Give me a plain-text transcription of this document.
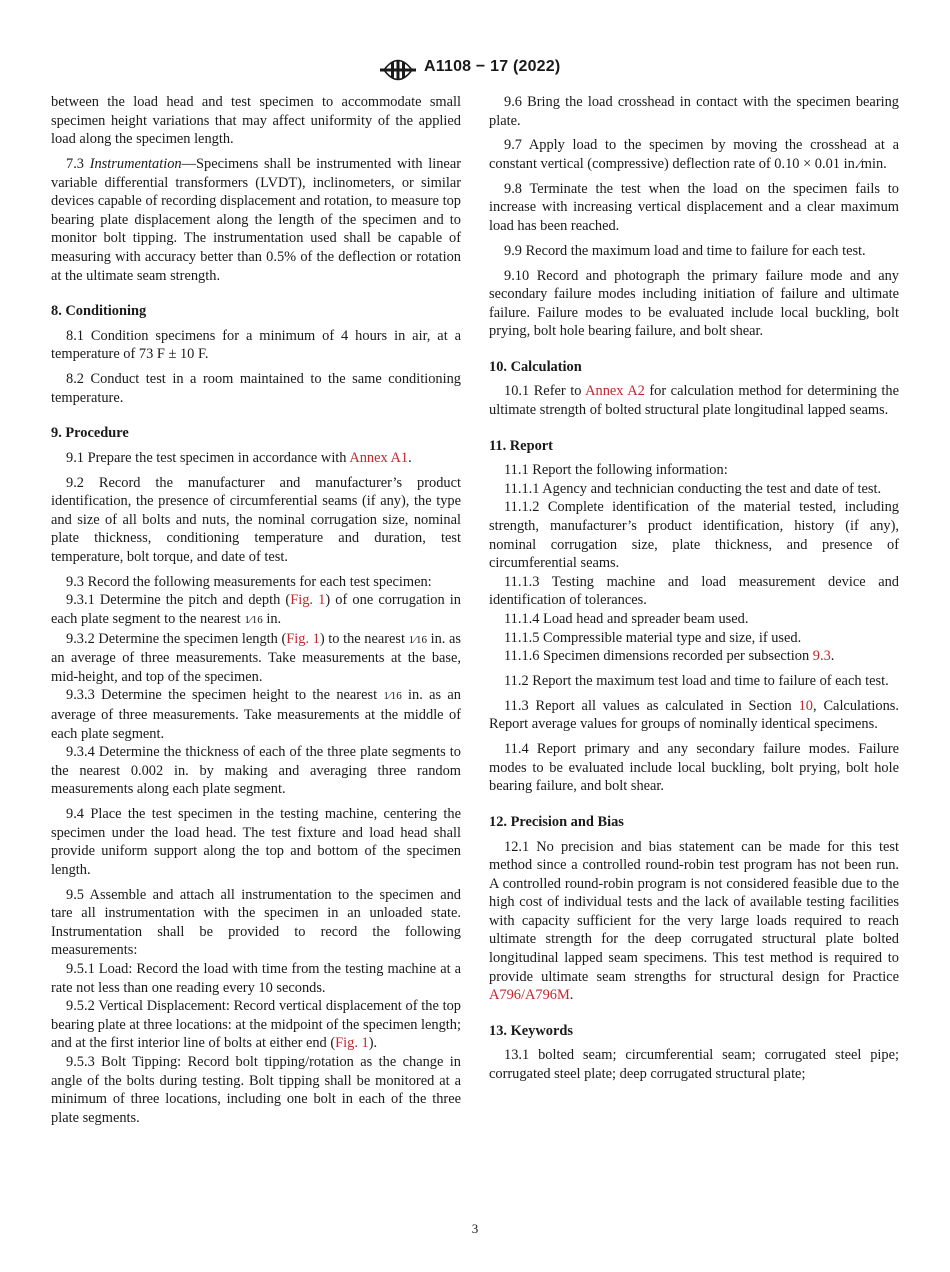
A1108 − 17 (2022)

between the load head and test specimen to accommodate small specimen height variations that may affect uniformity of the applied load along the specimen length.

7.3 Instrumentation—Specimens shall be instrumented with linear variable differential transformers (LVDT), inclinometers, or similar devices capable of recording displacement and rotation, to measure top bearing plate displacement along the length of the specimen and to monitor bolt tipping. The instrumentation used shall be capable of measuring with accuracy better than 0.5% of the deflection or rotation at the ultimate seam strength.

8. Conditioning

8.1 Condition specimens for a minimum of 4 hours in air, at a temperature of 73 F ± 10 F.

8.2 Conduct test in a room maintained to the same conditioning temperature.

9. Procedure

9.1 Prepare the test specimen in accordance with Annex A1.

9.2 Record the manufacturer and manufacturer’s product identification, the presence of circumferential seams (if any), the type and size of all bolts and nuts, the nominal corrugation size, nominal plate thickness, conditioning temperature and duration, test temperature, bolt torque, and date of test.

9.3 Record the following measurements for each test specimen:

9.3.1 Determine the pitch and depth (Fig. 1) of one corrugation in each plate segment to the nearest 1⁄16 in.

9.3.2 Determine the specimen length (Fig. 1) to the nearest 1⁄16 in. as an average of three measurements. Take measurements at the base, mid-height, and top of the specimen.

9.3.3 Determine the specimen height to the nearest 1⁄16 in. as an average of three measurements. Take measurements at the middle of each plate segment.

9.3.4 Determine the thickness of each of the three plate segments to the nearest 0.002 in. by making and averaging three random measurements along each plate segment.

9.4 Place the test specimen in the testing machine, centering the specimen under the load head. The test fixture and load head shall provide uniform support along the top and bottom of the specimen length.

9.5 Assemble and attach all instrumentation to the specimen and tare all instrumentation with the specimen in an unloaded state. Instrumentation shall be provided to record the following measurements:

9.5.1 Load: Record the load with time from the testing machine at a rate not less than one reading every 10 seconds.

9.5.2 Vertical Displacement: Record vertical displacement of the top bearing plate at three locations: at the midpoint of the specimen length; and at the first interior line of bolts at either end (Fig. 1).

9.5.3 Bolt Tipping: Record bolt tipping/rotation as the change in angle of the bolts during testing. Bolt tipping shall be monitored at a minimum of three locations, including one bolt in each of the three plate segments.

9.6 Bring the load crosshead in contact with the specimen bearing plate.

9.7 Apply load to the specimen by moving the crosshead at a constant vertical (compressive) deflection rate of 0.10 × 0.01 in.⁄min.

9.8 Terminate the test when the load on the specimen fails to increase with increasing vertical displacement and a clear maximum load has been reached.

9.9 Record the maximum load and time to failure for each test.

9.10 Record and photograph the primary failure mode and any secondary failure modes including initiation of failure and ultimate failure. Failure modes to be evaluated include local buckling, bolt prying, bolt hole bearing failure, and bolt shear.

10. Calculation

10.1 Refer to Annex A2 for calculation method for determining the ultimate strength of bolted structural plate longitudinal lapped seams.

11. Report

11.1 Report the following information:

11.1.1 Agency and technician conducting the test and date of test.

11.1.2 Complete identification of the material tested, including strength, manufacturer’s product identification, history (if any), nominal corrugation size, plate thickness, and presence of circumferential seams.

11.1.3 Testing machine and load measurement device and identification of tolerances.

11.1.4 Load head and spreader beam used.

11.1.5 Compressible material type and size, if used.

11.1.6 Specimen dimensions recorded per subsection 9.3.

11.2 Report the maximum test load and time to failure of each test.

11.3 Report all values as calculated in Section 10, Calculations. Report average values for groups of nominally identical specimens.

11.4 Report primary and any secondary failure modes. Failure modes to be evaluated include local buckling, bolt prying, bolt hole bearing failure, and bolt shear.

12. Precision and Bias

12.1 No precision and bias statement can be made for this test method since a controlled round-robin test program has not been run. A controlled round-robin program is not considered feasible due to the high cost of individual tests and the lack of available testing facilities with capacity sufficient for the very large loads required to reach ultimate strength for the deep corrugated structural plate bolted longitudinal lapped seam specimens. This test method is required to provide ultimate seam strengths for structural design for Practice A796/A796M.

13. Keywords

13.1 bolted seam; circumferential seam; corrugated steel pipe; corrugated steel plate; deep corrugated structural plate;

3
